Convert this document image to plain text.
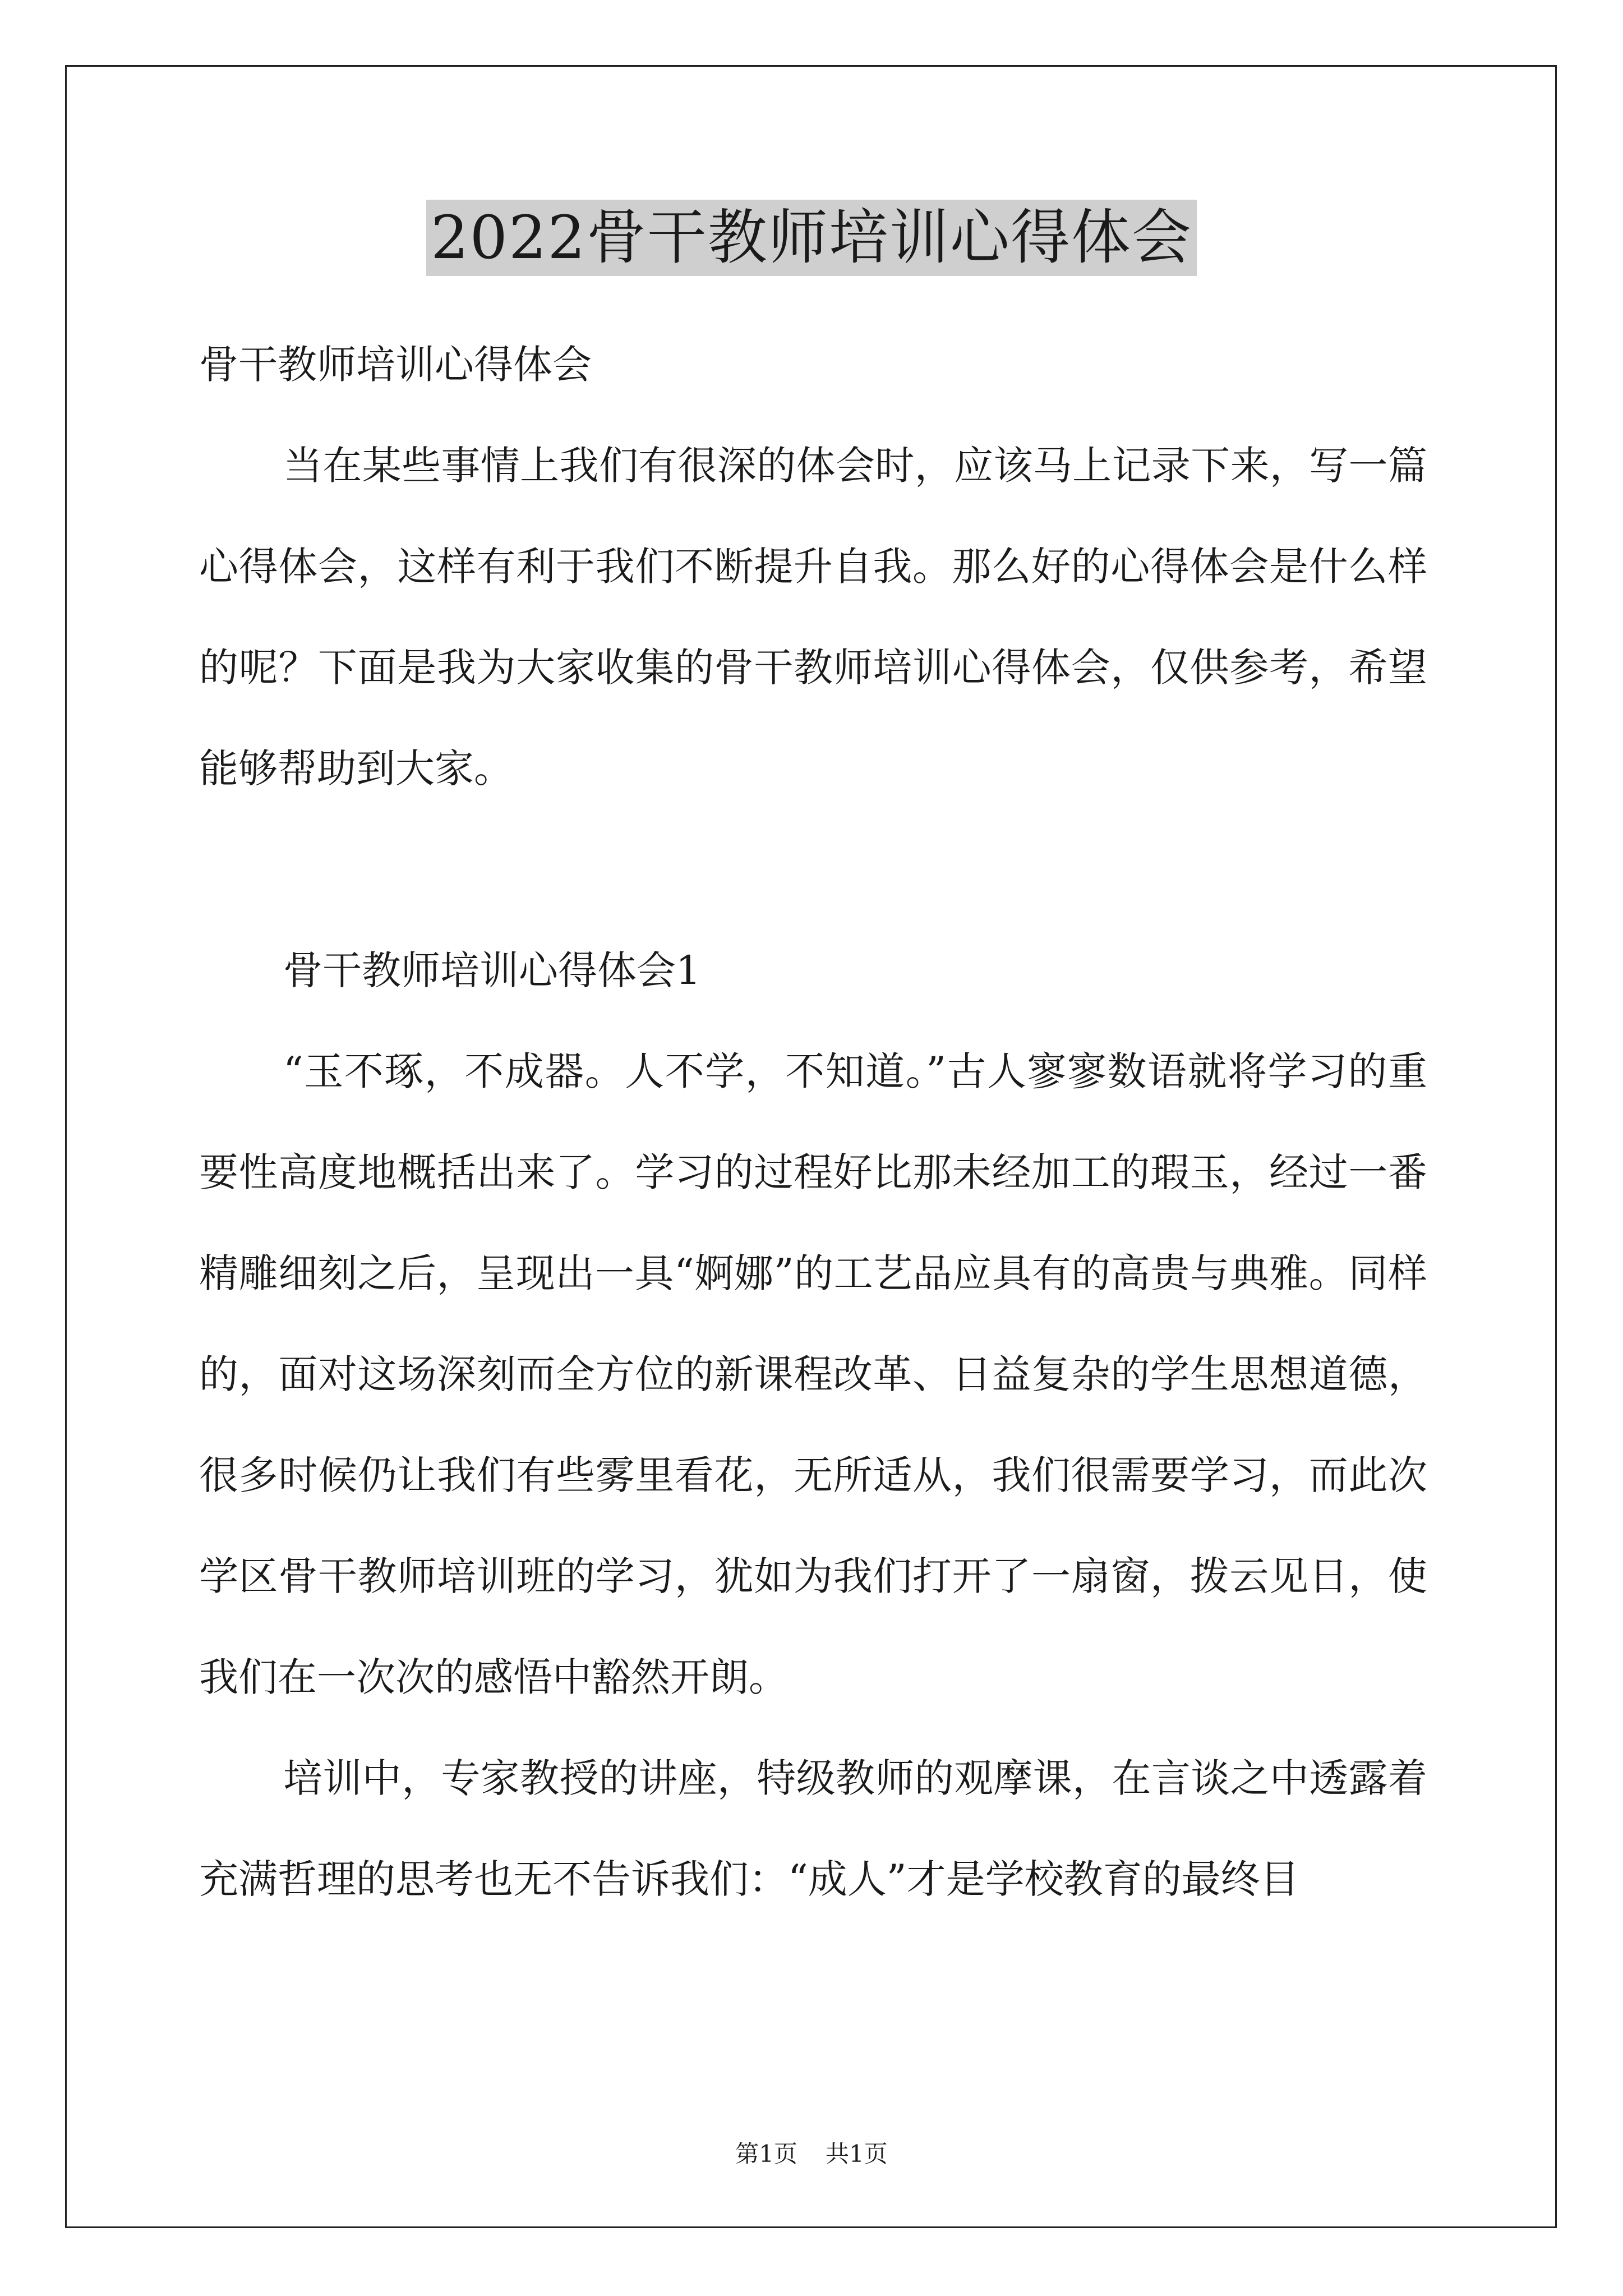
2022骨干教师培训心得体会

骨干教师培训心得体会

当在某些事情上我们有很深的体会时，应该马上记录下来，写一篇心得体会，这样有利于我们不断提升自我。那么好的心得体会是什么样的呢？下面是我为大家收集的骨干教师培训心得体会，仅供参考，希望能够帮助到大家。

骨干教师培训心得体会1

“玉不琢，不成器。人不学，不知道。”古人寥寥数语就将学习的重要性高度地概括出来了。学习的过程好比那未经加工的瑕玉，经过一番精雕细刻之后，呈现出一具“婀娜”的工艺品应具有的高贵与典雅。同样的，面对这场深刻而全方位的新课程改革、日益复杂的学生思想道德，很多时候仍让我们有些雾里看花，无所适从，我们很需要学习，而此次学区骨干教师培训班的学习，犹如为我们打开了一扇窗，拨云见日，使我们在一次次的感悟中豁然开朗。

培训中，专家教授的讲座，特级教师的观摩课，在言谈之中透露着充满哲理的思考也无不告诉我们：“成人”才是学校教育的最终目

第1页 共1页
